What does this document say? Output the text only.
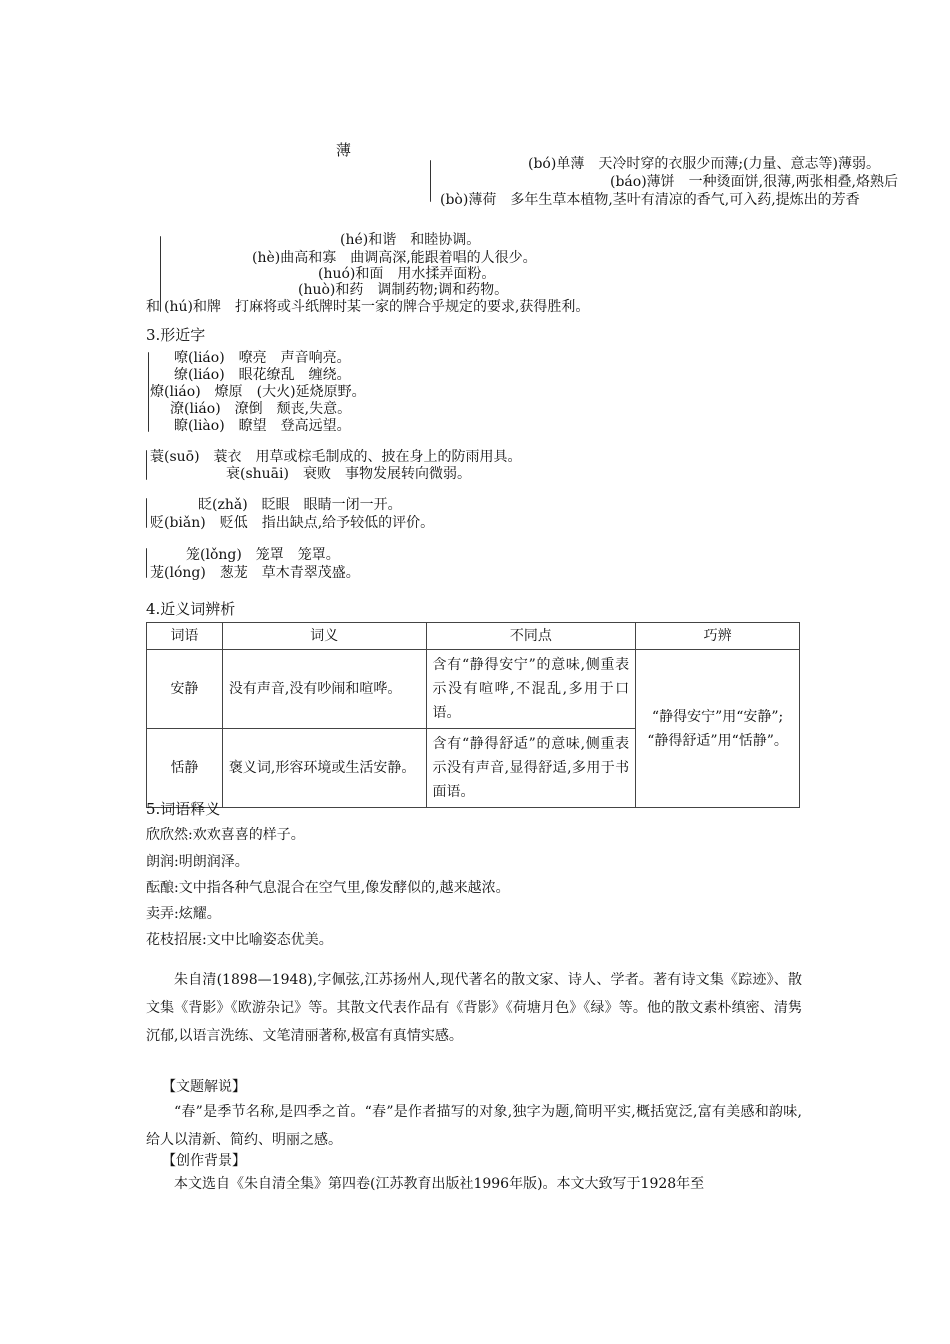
薄
(bó)单薄　天冷时穿的衣服少而薄;(力量、意志等)薄弱。
(báo)薄饼　一种烫面饼,很薄,两张相叠,烙熟后
(bò)薄荷　多年生草本植物,茎叶有清凉的香气,可入药,提炼出的芳香
(hé)和谐　和睦协调。
(hè)曲高和寡　曲调高深,能跟着唱的人很少。
(huó)和面　用水揉弄面粉。
(huò)和药　调制药物;调和药物。
和 (hú)和牌　打麻将或斗纸牌时某一家的牌合乎规定的要求,获得胜利。
3.形近字
嘹(liáo)　嘹亮　声音响亮。
缭(liáo)　眼花缭乱　缠绕。
燎(liáo)　燎原　(大火)延烧原野。
潦(liáo)　潦倒　颓丧,失意。
瞭(liào)　瞭望　登高远望。
蓑(suō)　蓑衣　用草或棕毛制成的、披在身上的防雨用具。
衰(shuāi)　衰败　事物发展转向微弱。
眨(zhǎ)　眨眼　眼睛一闭一开。
贬(biǎn)　贬低　指出缺点,给予较低的评价。
笼(lǒng)　笼罩　笼罩。
茏(lóng)　葱茏　草木青翠茂盛。
4.近义词辨析
词语	词义	不同点	巧辨
安静	没有声音,没有吵闹和喧哗。	含有“静得安宁”的意味,侧重表示没有喧哗,不混乱,多用于口语。	“静得安宁”用“安静”;
“静得舒适”用“恬静”。

恬静	褒义词,形容环境或生活安静。	含有“静得舒适”的意味,侧重表示没有声音,显得舒适,多用于书面语。	
5.词语释义
欣欣然:欢欢喜喜的样子。
朗润:明朗润泽。
酝酿:文中指各种气息混合在空气里,像发酵似的,越来越浓。
卖弄:炫耀。
花枝招展:文中比喻姿态优美。
朱自清(1898—1948),字佩弦,江苏扬州人,现代著名的散文家、诗人、学者。著有诗文集《踪迹》、散文集《背影》《欧游杂记》等。其散文代表作品有《背影》《荷塘月色》《绿》等。他的散文素朴缜密、清隽沉郁,以语言洗练、文笔清丽著称,极富有真情实感。
【文题解说】
“春”是季节名称,是四季之首。“春”是作者描写的对象,独字为题,简明平实,概括宽泛,富有美感和韵味,给人以清新、简约、明丽之感。
【创作背景】
本文选自《朱自清全集》第四卷(江苏教育出版社1996年版)。本文大致写于1928年至
